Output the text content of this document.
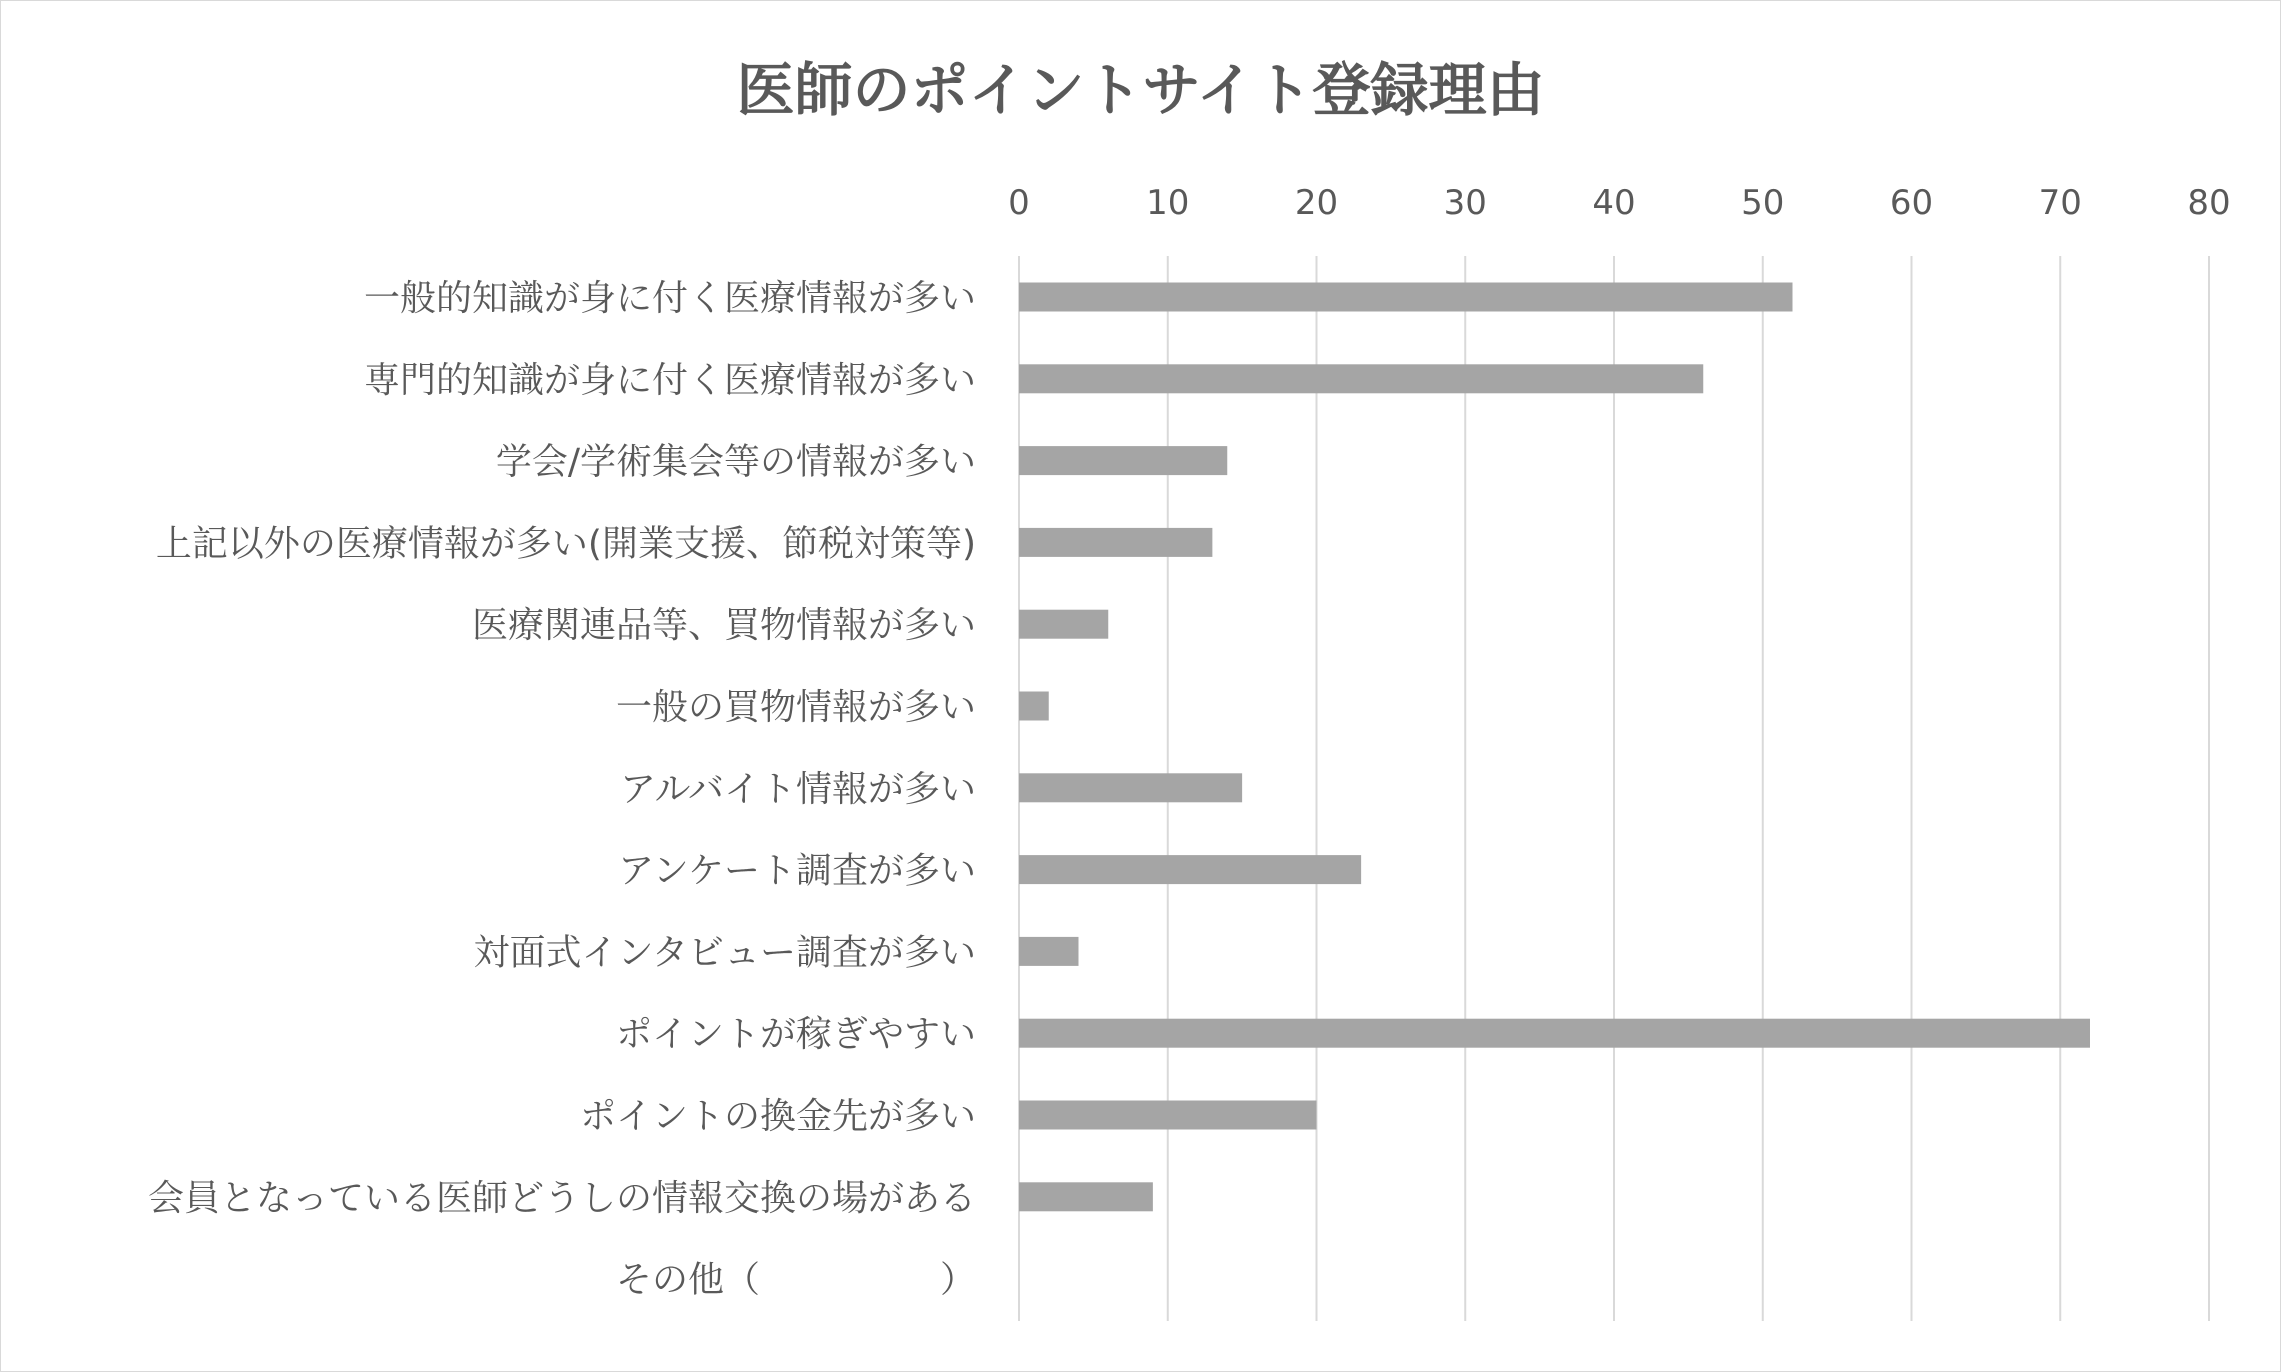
医師のポイントサイト登録理由
0	10	20	30	40	50	60	70	80
一般的知識が身に付く医療情報が多い
専門的知識が身に付く医療情報が多い
学会/学術集会等の情報が多い
上記以外の医療情報が多い(開業支援、節税対策等)
医療関連品等、買物情報が多い
一般の買物情報が多い
アルバイト情報が多い
アンケート調査が多い
対面式インタビュー調査が多い
ポイントが稼ぎやすい
ポイントの換金先が多い
会員となっている医師どうしの情報交換の場がある
その他（　　　　　）
